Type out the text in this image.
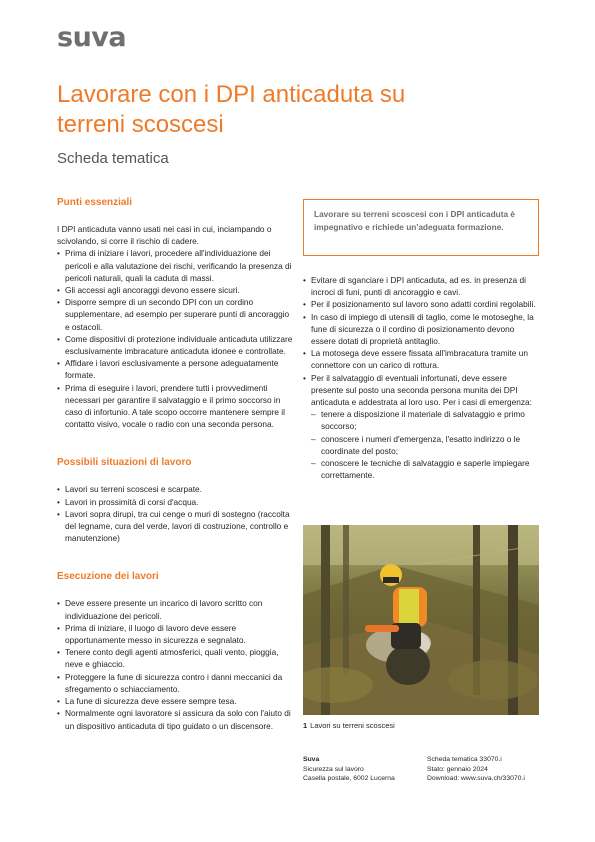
suva
Lavorare con i DPI anticaduta su
terreni scoscesi
Scheda tematica
Punti essenziali

I DPI anticaduta vanno usati nei casi in cui, inciampando o scivolando, si corre il rischio di cadere.

• Prima di iniziare i lavori, procedere all'individuazione dei pericoli e alla valutazione dei rischi, verificando la presenza di pericoli naturali, quali la caduta di massi.
• Gli accessi agli ancoraggi devono essere sicuri.
• Disporre sempre di un secondo DPI con un cordino supplementare, ad esempio per superare punti di ancoraggio e ostacoli.
• Come dispositivi di protezione individuale anticaduta utilizzare esclusivamente imbracature anticaduta idonee e controllate.
• Affidare i lavori esclusivamente a persone adeguatamente formate.
• Prima di eseguire i lavori, prendere tutti i provvedimenti necessari per garantire il salvataggio e il primo soccorso in caso di infortunio. A tale scopo occorre mantenere sempre il contatto visivo, vocale o radio con una seconda persona.
Possibili situazioni di lavoro
• Lavori su terreni scoscesi e scarpate.
• Lavori in prossimità di corsi d'acqua.
• Lavori sopra dirupi, tra cui cenge o muri di sostegno (raccolta del legname, cura del verde, lavori di costruzione, controllo e manutenzione)
Esecuzione dei lavori
• Deve essere presente un incarico di lavoro scritto con individuazione dei pericoli.
• Prima di iniziare, il luogo di lavoro deve essere opportunamente messo in sicurezza e segnalato.
• Tenere conto degli agenti atmosferici, quali vento, pioggia, neve e ghiaccio.
• Proteggere la fune di sicurezza contro i danni meccanici da sfregamento o schiacciamento.
• La fune di sicurezza deve essere sempre tesa.
• Normalmente ogni lavoratore si assicura da solo con l'aiuto di un dispositivo anticaduta di tipo guidato o un discensore.
Lavorare su terreni scoscesi con i DPI anticaduta è impegnativo e richiede un'adeguata formazione.
• Evitare di sganciare i DPI anticaduta, ad es. in presenza di incroci di funi, punti di ancoraggio e cavi.
• Per il posizionamento sul lavoro sono adatti cordini regolabili.
• In caso di impiego di utensili di taglio, come le motoseghe, la fune di sicurezza o il cordino di posizionamento devono essere dotati di proprietà antitaglio.
• La motosega deve essere fissata all'imbracatura tramite un connettore con un carico di rottura.
• Per il salvataggio di eventuali infortunati, deve essere presente sul posto una seconda persona munita dei DPI anticaduta e addestrata al loro uso. Per i casi di emergenza:
– tenere a disposizione il materiale di salvataggio e primo soccorso;
– conoscere i numeri d'emergenza, l'esatto indirizzo o le coordinate del posto;
– conoscere le tecniche di salvataggio e saperle impiegare correttamente.
1 Lavori su terreni scoscesi
Suva
Sicurezza sul lavoro
Casella postale, 6002 Lucerna
Scheda tematica 33070.i
Stato: gennaio 2024
Download: www.suva.ch/33070.i
